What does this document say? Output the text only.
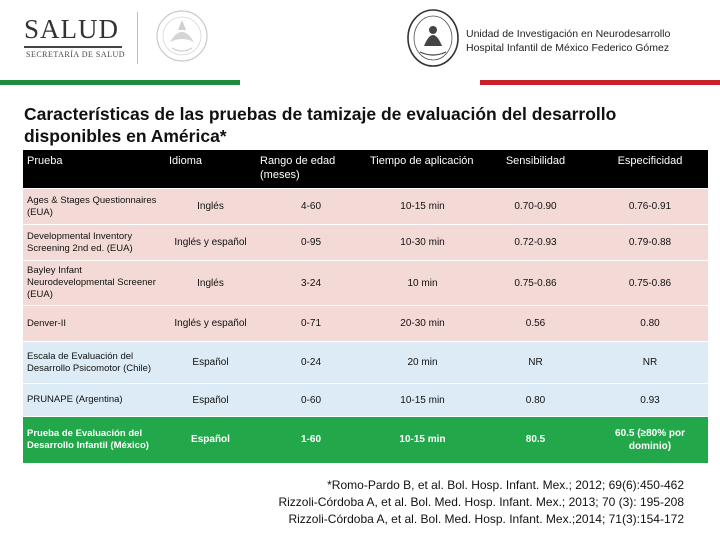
SALUD
SECRETARÍA DE SALUD
Unidad de Investigación en Neurodesarrollo
Hospital Infantil de México Federico Gómez
Características de las pruebas de tamizaje de evaluación del desarrollo disponibles en América*
Prueba	Idioma	Rango de edad (meses)	Tiempo de aplicación	Sensibilidad	Especificidad
Ages & Stages Questionnaires (EUA)	Inglés	4-60	10-15 min	0.70-0.90	0.76-0.91
Developmental Inventory Screening 2nd ed. (EUA)	Inglés y español	0-95	10-30 min	0.72-0.93	0.79-0.88
Bayley Infant Neurodevelopmental Screener (EUA)	Inglés	3-24	10 min	0.75-0.86	0.75-0.86
Denver-II	Inglés y español	0-71	20-30 min	0.56	0.80
Escala de Evaluación del Desarrollo Psicomotor (Chile)	Español	0-24	20 min	NR	NR
PRUNAPE (Argentina)	Español	0-60	10-15 min	0.80	0.93
Prueba de Evaluación del Desarrollo Infantil (México)	Español	1-60	10-15 min	80.5	60.5 (≥80% por dominio)
*Romo-Pardo B, et al. Bol. Hosp. Infant. Mex.; 2012; 69(6):450-462
Rizzoli-Córdoba A, et al. Bol. Med. Hosp. Infant. Mex.; 2013; 70 (3): 195-208
Rizzoli-Córdoba A, et al. Bol. Med. Hosp. Infant. Mex.;2014; 71(3):154-172
